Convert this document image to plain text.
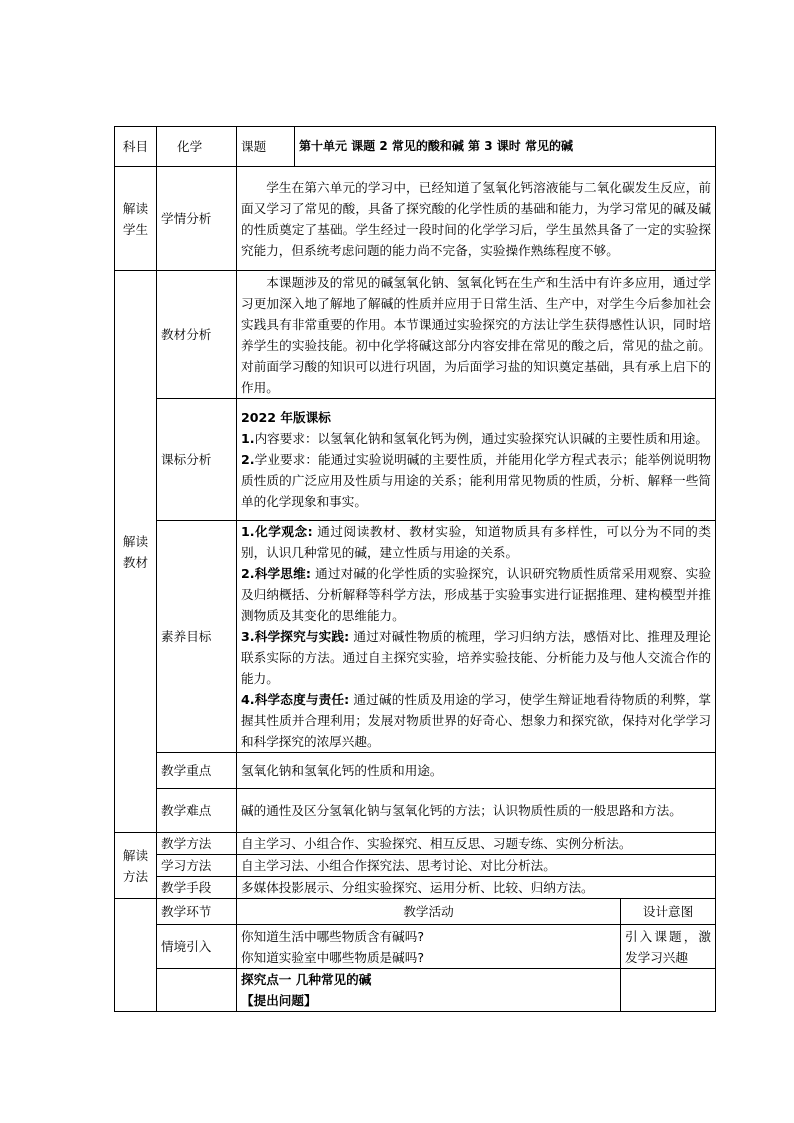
科目	化学	课题	第十单元 课题 2 常见的酸和碱 第 3 课时 常见的碱	
解读学生	学情分析	学生在第六单元的学习中，已经知道了氢氧化钙溶液能与二氧化碳发生反应，前面又学习了常见的酸，具备了探究酸的化学性质的基础和能力，为学习常见的碱及碱的性质奠定了基础。学生经过一段时间的化学学习后，学生虽然具备了一定的实验探究能力，但系统考虑问题的能力尚不完备，实验操作熟练程度不够。		
解读教材	教材分析	本课题涉及的常见的碱氢氧化钠、氢氧化钙在生产和生活中有许多应用，通过学习更加深入地了解地了解碱的性质并应用于日常生活、生产中，对学生今后参加社会实践具有非常重要的作用。本节课通过实验探究的方法让学生获得感性认识，同时培养学生的实验技能。初中化学将碱这部分内容安排在常见的酸之后，常见的盐之前。对前面学习酸的知识可以进行巩固，为后面学习盐的知识奠定基础，具有承上启下的作用。		
	课标分析	2022 年版课标
1.内容要求：以氢氧化钠和氢氧化钙为例，通过实验探究认识碱的主要性质和用途。
2.学业要求：能通过实验说明碱的主要性质，并能用化学方程式表示；能举例说明物质性质的广泛应用及性质与用途的关系；能利用常见物质的性质，分析、解释一些简单的化学现象和事实。		

	素养目标	1.化学观念: 通过阅读教材、教材实验，知道物质具有多样性，可以分为不同的类别，认识几种常见的碱，建立性质与用途的关系。
2.科学思维: 通过对碱的化学性质的实验探究，认识研究物质性质常采用观察、实验及归纳概括、分析解释等科学方法，形成基于实验事实进行证据推理、建构模型并推测物质及其变化的思维能力。
3.科学探究与实践: 通过对碱性物质的梳理，学习归纳方法，感悟对比、推理及理论联系实际的方法。通过自主探究实验，培养实验技能、分析能力及与他人交流合作的能力。
4.科学态度与责任: 通过碱的性质及用途的学习，使学生辩证地看待物质的利弊，掌握其性质并合理利用；发展对物质世界的好奇心、想象力和探究欲，保持对化学学习和科学探究的浓厚兴趣。		

	教学重点	氢氧化钠和氢氧化钙的性质和用途。		
	教学难点	碱的通性及区分氢氧化钠与氢氧化钙的方法；认识物质性质的一般思路和方法。		
解读方法	教学方法	自主学习、小组合作、实验探究、相互反思、习题专练、实例分析法。		
	学习方法	自主学习法、小组合作探究法、思考讨论、对比分析法。		
	教学手段	多媒体投影展示、分组实验探究、运用分析、比较、归纳方法。		
	教学环节	教学活动		设计意图
	情境引入	你知道生活中哪些物质含有碱吗?
你知道实验室中哪些物质是碱吗?		引入课题，激发学习兴趣

		探究点一 几种常见的碱
【提出问题】		
